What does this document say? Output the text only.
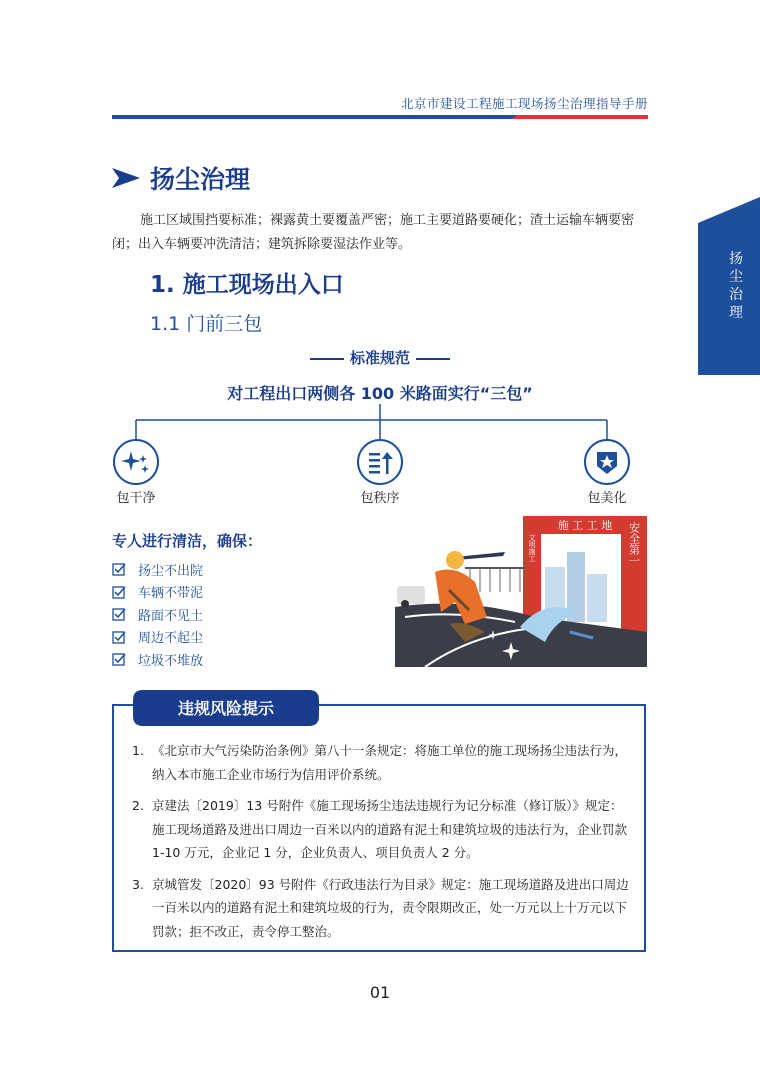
北京市建设工程施工现场扬尘治理指导手册
扬尘治理
扬尘治理
施工区域围挡要标准；裸露黄土要覆盖严密；施工主要道路要硬化；渣土运输车辆要密闭；出入车辆要冲洗清洁；建筑拆除要湿法作业等。
1. 施工现场出入口
1.1 门前三包
标准规范
对工程出口两侧各 100 米路面实行“三包”
包干净	包秩序	包美化
专人进行清洁，确保：
扬尘不出院
车辆不带泥
路面不见土
周边不起尘
垃圾不堆放
施 工 工 地
文明施工	安全第一
违规风险提示
1. 《北京市大气污染防治条例》第八十一条规定：将施工单位的施工现场扬尘违法行为，纳入本市施工企业市场行为信用评价系统。
2. 京建法〔2019〕13 号附件《施工现场扬尘违法违规行为记分标准（修订版）》规定：施工现场道路及进出口周边一百米以内的道路有泥土和建筑垃圾的违法行为，企业罚款 1-10 万元，企业记 1 分，企业负责人、项目负责人 2 分。
3. 京城管发〔2020〕93 号附件《行政违法行为目录》规定：施工现场道路及进出口周边一百米以内的道路有泥土和建筑垃圾的行为，责令限期改正，处一万元以上十万元以下罚款；拒不改正，责令停工整治。
01
